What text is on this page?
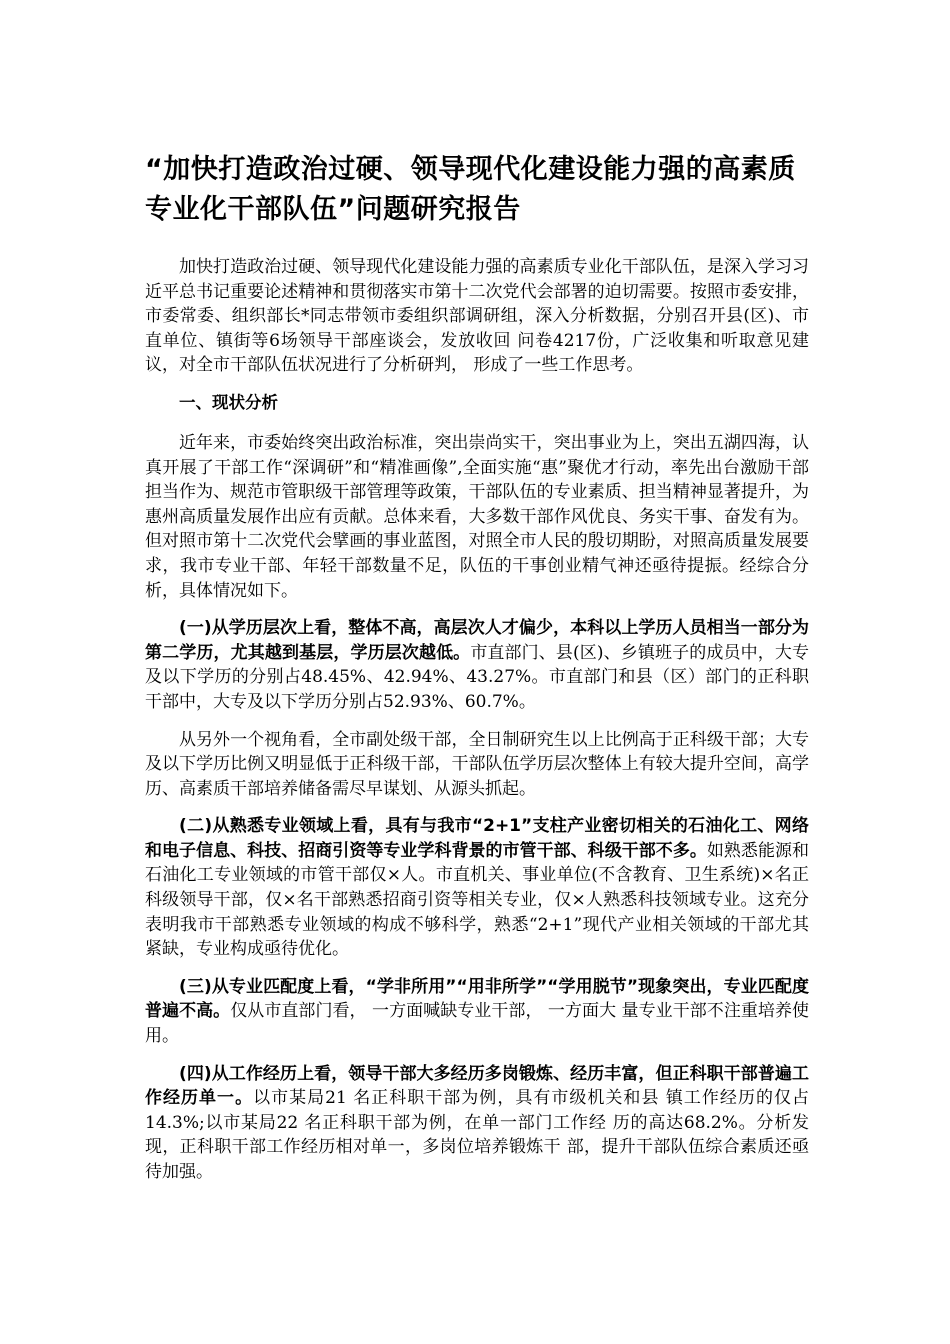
“加快打造政治过硬、领导现代化建设能力强的高素质专业化干部队伍”问题研究报告

加快打造政治过硬、领导现代化建设能力强的高素质专业化干部队伍，是深入学习习近平总书记重要论述精神和贯彻落实市第十二次党代会部署的迫切需要。按照市委安排，市委常委、组织部长*同志带领市委组织部调研组，深入分析数据，分别召开县(区)、市直单位、镇街等6场领导干部座谈会，发放收回 问卷4217份，广泛收集和听取意见建议，对全市干部队伍状况进行了分析研判， 形成了一些工作思考。

一、现状分析

近年来，市委始终突出政治标准，突出崇尚实干，突出事业为上，突出五湖四海，认真开展了干部工作“深调研”和“精准画像”,全面实施“惠”聚优才行动，率先出台激励干部担当作为、规范市管职级干部管理等政策，干部队伍的专业素质、担当精神显著提升，为惠州高质量发展作出应有贡献。总体来看，大多数干部作风优良、务实干事、奋发有为。但对照市第十二次党代会擘画的事业蓝图，对照全市人民的殷切期盼，对照高质量发展要求，我市专业干部、年轻干部数量不足，队伍的干事创业精气神还亟待提振。经综合分析，具体情况如下。

(一)从学历层次上看，整体不高，高层次人才偏少，本科以上学历人员相当一部分为第二学历，尤其越到基层，学历层次越低。市直部门、县(区)、乡镇班子的成员中，大专及以下学历的分别占48.45%、42.94%、43.27%。市直部门和县（区）部门的正科职干部中，大专及以下学历分别占52.93%、60.7%。

从另外一个视角看，全市副处级干部，全日制研究生以上比例高于正科级干部；大专及以下学历比例又明显低于正科级干部，干部队伍学历层次整体上有较大提升空间，高学历、高素质干部培养储备需尽早谋划、从源头抓起。

(二)从熟悉专业领域上看，具有与我市“2+1”支柱产业密切相关的石油化工、网络和电子信息、科技、招商引资等专业学科背景的市管干部、科级干部不多。如熟悉能源和石油化工专业领域的市管干部仅×人。市直机关、事业单位(不含教育、卫生系统)×名正科级领导干部，仅×名干部熟悉招商引资等相关专业，仅×人熟悉科技领域专业。这充分表明我市干部熟悉专业领域的构成不够科学，熟悉“2+1”现代产业相关领域的干部尤其紧缺，专业构成亟待优化。

(三)从专业匹配度上看，“学非所用”“用非所学”“学用脱节”现象突出，专业匹配度普遍不高。仅从市直部门看， 一方面喊缺专业干部， 一方面大 量专业干部不注重培养使用。

(四)从工作经历上看，领导干部大多经历多岗锻炼、经历丰富，但正科职干部普遍工作经历单一。以市某局21 名正科职干部为例，具有市级机关和县 镇工作经历的仅占14.3%;以市某局22 名正科职干部为例，在单一部门工作经 历的高达68.2%。分析发现，正科职干部工作经历相对单一，多岗位培养锻炼干 部，提升干部队伍综合素质还亟待加强。
